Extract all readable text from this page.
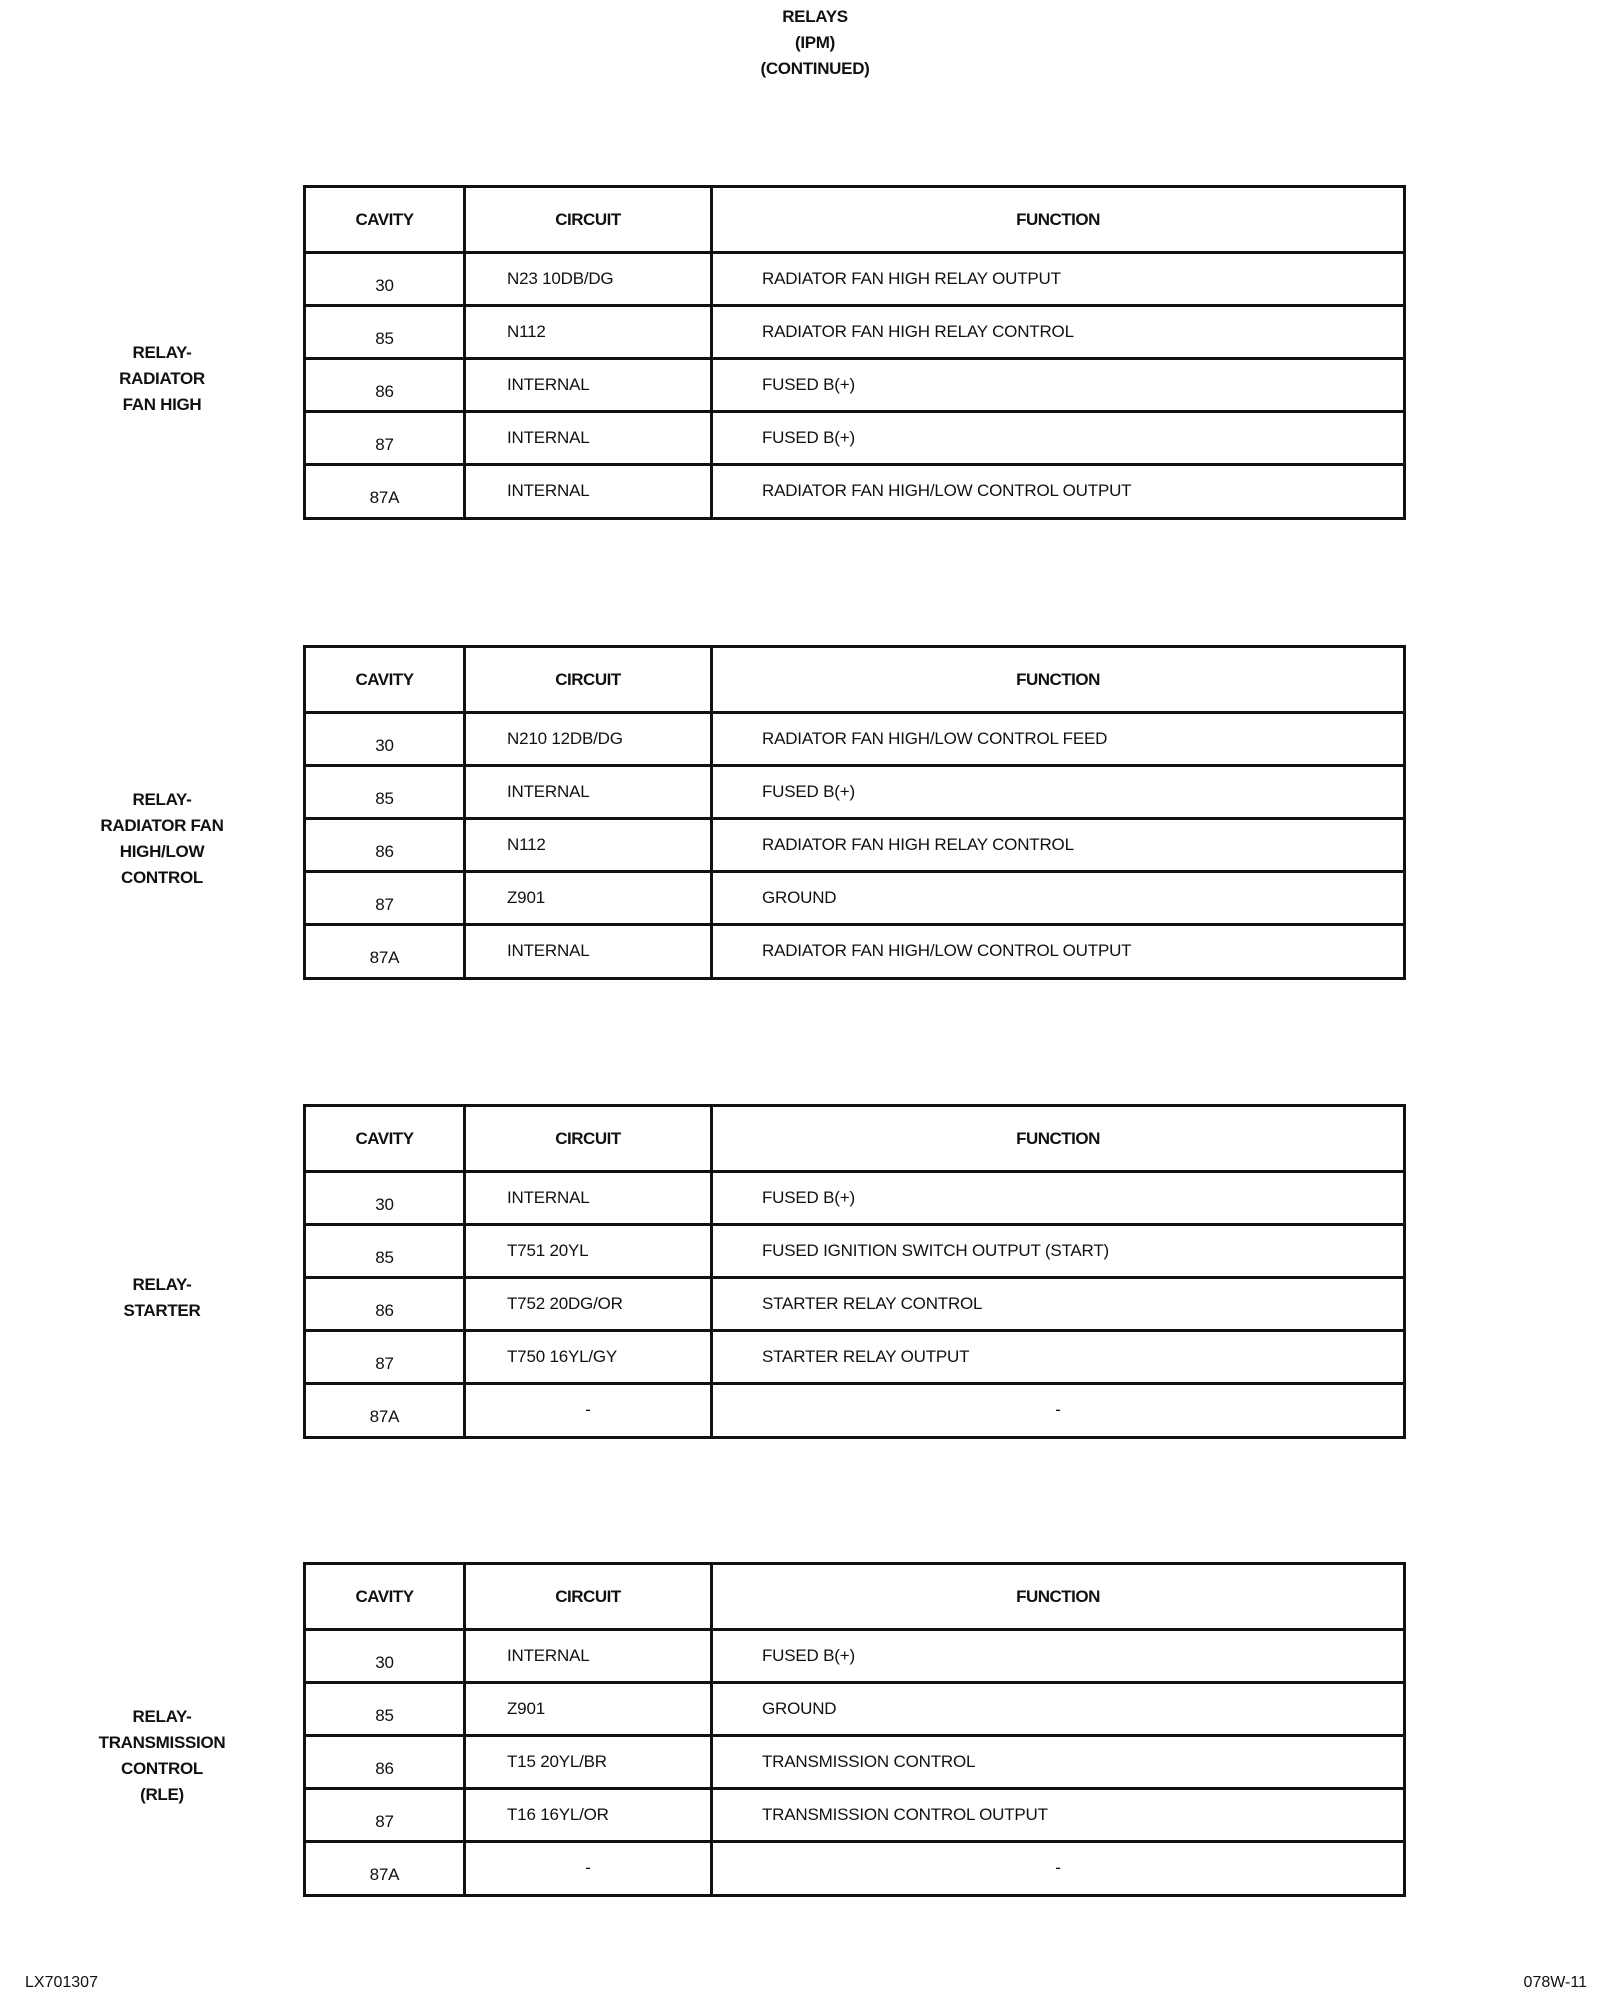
RELAYS
(IPM)
(CONTINUED)
RELAY-
RADIATOR
FAN HIGH
CAVITY	CIRCUIT	FUNCTION
30	N23 10DB/DG	RADIATOR FAN HIGH RELAY OUTPUT
85	N112	RADIATOR FAN HIGH RELAY CONTROL
86	INTERNAL	FUSED B(+)
87	INTERNAL	FUSED B(+)
87A	INTERNAL	RADIATOR FAN HIGH/LOW CONTROL OUTPUT
RELAY-
RADIATOR FAN
HIGH/LOW
CONTROL
CAVITY	CIRCUIT	FUNCTION
30	N210 12DB/DG	RADIATOR FAN HIGH/LOW CONTROL FEED
85	INTERNAL	FUSED B(+)
86	N112	RADIATOR FAN HIGH RELAY CONTROL
87	Z901	GROUND
87A	INTERNAL	RADIATOR FAN HIGH/LOW CONTROL OUTPUT
RELAY-
STARTER
CAVITY	CIRCUIT	FUNCTION
30	INTERNAL	FUSED B(+)
85	T751 20YL	FUSED IGNITION SWITCH OUTPUT (START)
86	T752 20DG/OR	STARTER RELAY CONTROL
87	T750 16YL/GY	STARTER RELAY OUTPUT
87A	-	-
RELAY-
TRANSMISSION
CONTROL
(RLE)
CAVITY	CIRCUIT	FUNCTION
30	INTERNAL	FUSED B(+)
85	Z901	GROUND
86	T15 20YL/BR	TRANSMISSION CONTROL
87	T16 16YL/OR	TRANSMISSION CONTROL OUTPUT
87A	-	-
LX701307	078W-11
